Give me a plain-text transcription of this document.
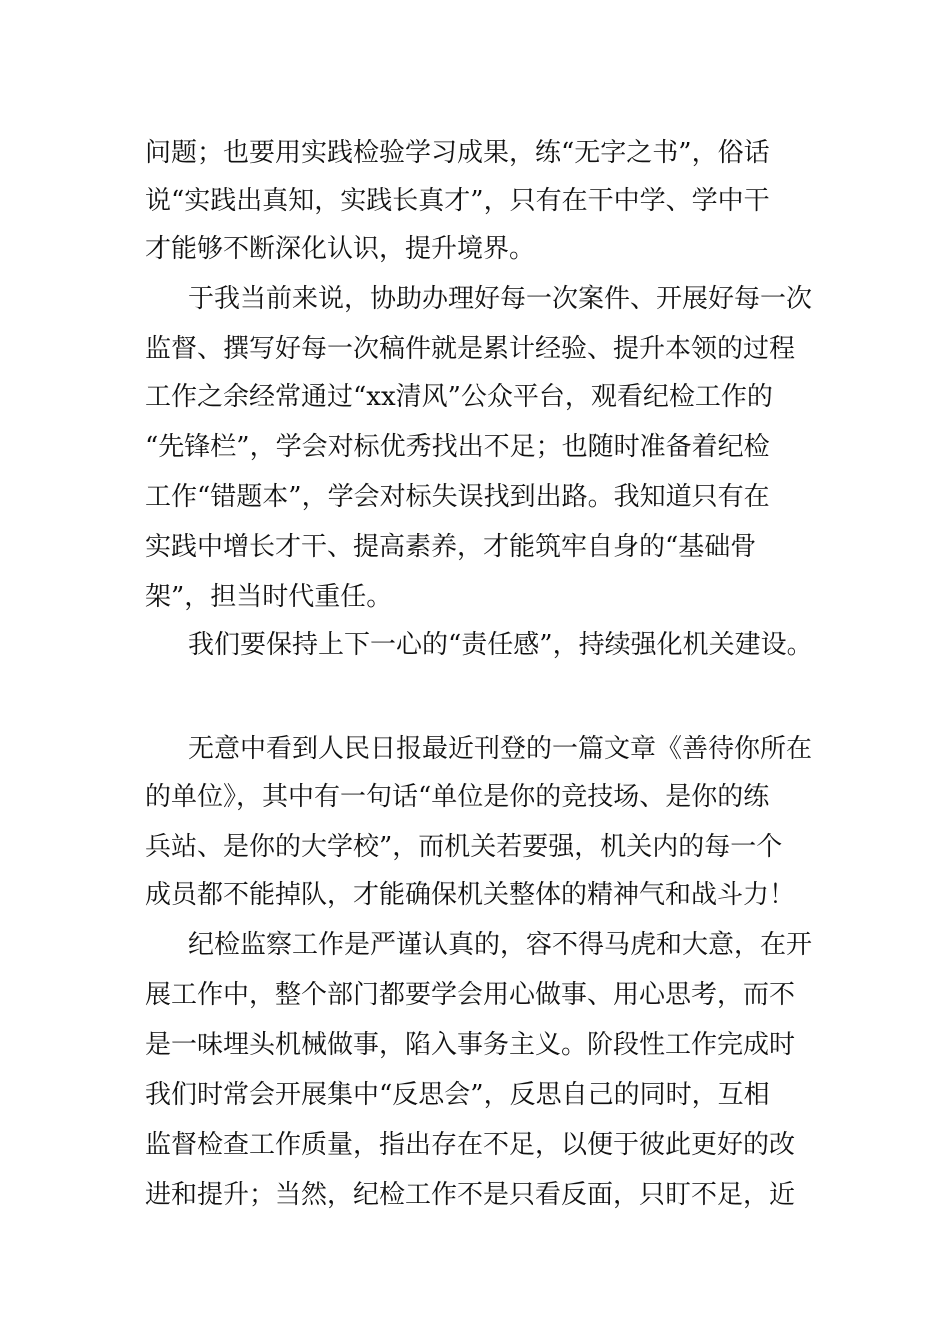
问题；也要用实践检验学习成果，练“无字之书”，俗话
说“实践出真知，实践长真才”，只有在干中学、学中干
才能够不断深化认识，提升境界。
于我当前来说，协助办理好每一次案件、开展好每一次
监督、撰写好每一次稿件就是累计经验、提升本领的过程
工作之余经常通过“xx清风”公众平台，观看纪检工作的
“先锋栏”，学会对标优秀找出不足；也随时准备着纪检
工作“错题本”，学会对标失误找到出路。我知道只有在
实践中增长才干、提高素养，才能筑牢自身的“基础骨
架”，担当时代重任。
我们要保持上下一心的“责任感”，持续强化机关建设。
无意中看到人民日报最近刊登的一篇文章《善待你所在
的单位》，其中有一句话“单位是你的竞技场、是你的练
兵站、是你的大学校”，而机关若要强，机关内的每一个
成员都不能掉队，才能确保机关整体的精神气和战斗力！
纪检监察工作是严谨认真的，容不得马虎和大意，在开
展工作中，整个部门都要学会用心做事、用心思考，而不
是一味埋头机械做事，陷入事务主义。阶段性工作完成时
我们时常会开展集中“反思会”，反思自己的同时，互相
监督检查工作质量，指出存在不足，以便于彼此更好的改
进和提升；当然，纪检工作不是只看反面，只盯不足，近
